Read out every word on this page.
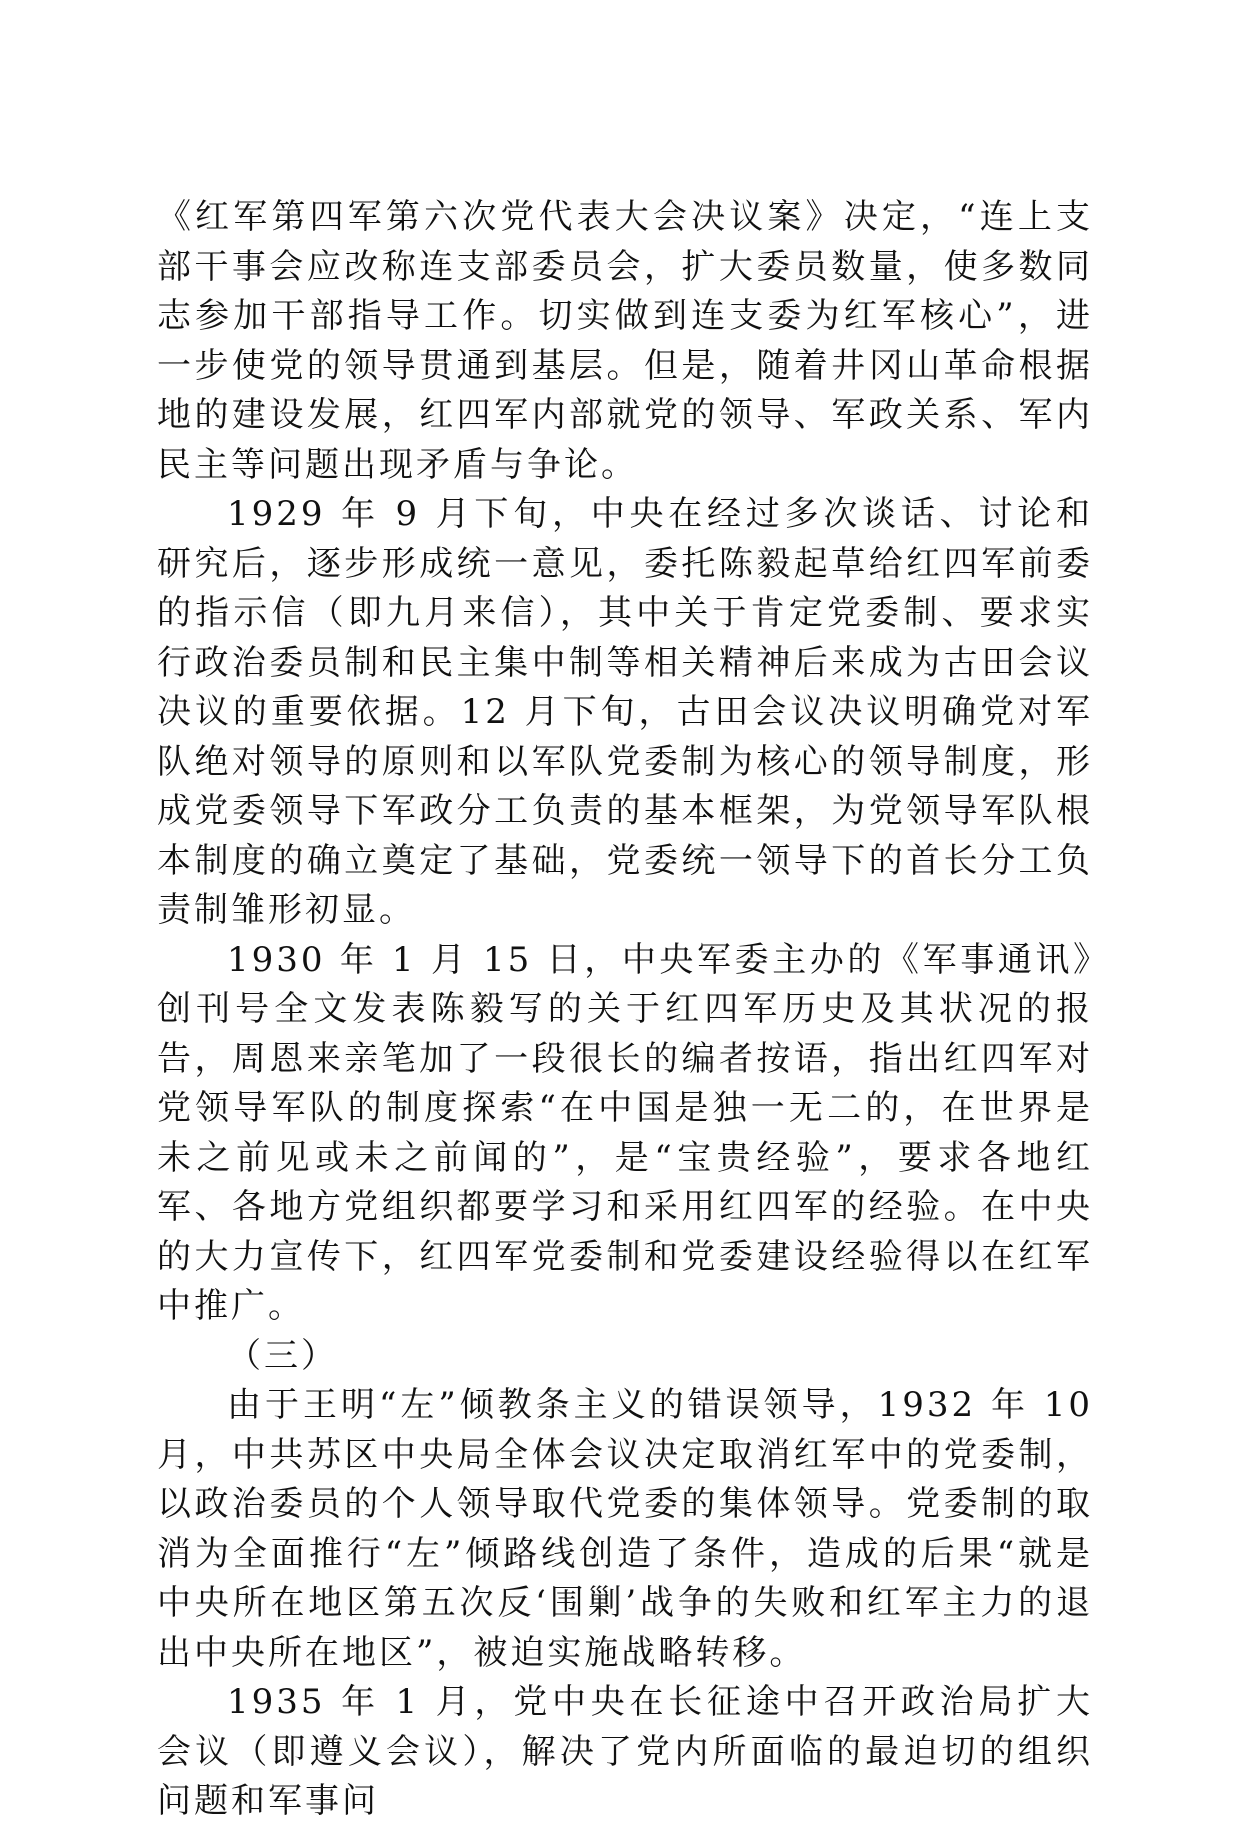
《红军第四军第六次党代表大会决议案》决定，“连上支部干事会应改称连支部委员会，扩大委员数量，使多数同志参加干部指导工作。切实做到连支委为红军核心”，进一步使党的领导贯通到基层。但是，随着井冈山革命根据地的建设发展，红四军内部就党的领导、军政关系、军内民主等问题出现矛盾与争论。

1929 年 9 月下旬，中央在经过多次谈话、讨论和研究后，逐步形成统一意见，委托陈毅起草给红四军前委的指示信（即九月来信），其中关于肯定党委制、要求实行政治委员制和民主集中制等相关精神后来成为古田会议决议的重要依据。12 月下旬，古田会议决议明确党对军队绝对领导的原则和以军队党委制为核心的领导制度，形成党委领导下军政分工负责的基本框架，为党领导军队根本制度的确立奠定了基础，党委统一领导下的首长分工负责制雏形初显。

1930 年 1 月 15 日，中央军委主办的《军事通讯》创刊号全文发表陈毅写的关于红四军历史及其状况的报告，周恩来亲笔加了一段很长的编者按语，指出红四军对党领导军队的制度探索“在中国是独一无二的，在世界是未之前见或未之前闻的”，是“宝贵经验”，要求各地红军、各地方党组织都要学习和采用红四军的经验。在中央的大力宣传下，红四军党委制和党委建设经验得以在红军中推广。

（三）

由于王明“左”倾教条主义的错误领导，1932 年 10 月，中共苏区中央局全体会议决定取消红军中的党委制，以政治委员的个人领导取代党委的集体领导。党委制的取消为全面推行“左”倾路线创造了条件，造成的后果“就是中央所在地区第五次反‘围剿’战争的失败和红军主力的退出中央所在地区”，被迫实施战略转移。

1935 年 1 月，党中央在长征途中召开政治局扩大会议（即遵义会议），解决了党内所面临的最迫切的组织问题和军事问
